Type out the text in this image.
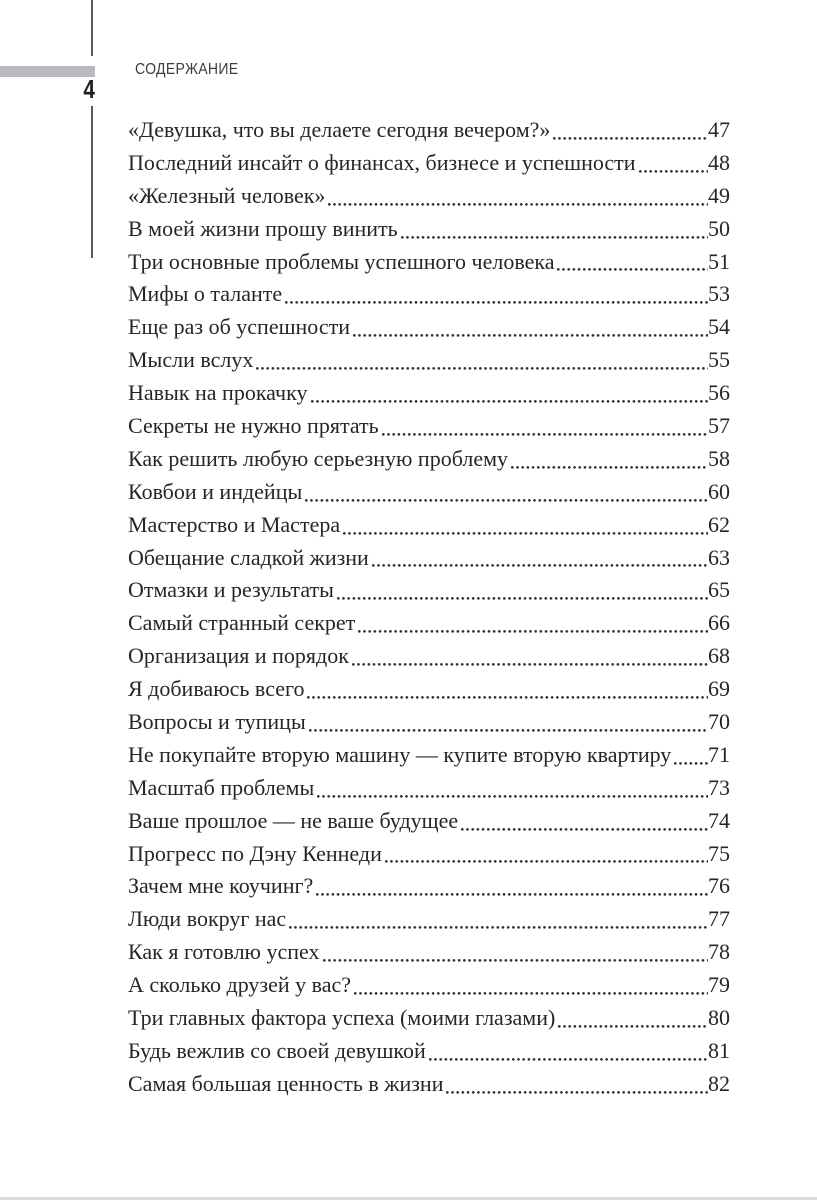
4
СОДЕРЖАНИЕ
«Девушка, что вы делаете сегодня вечером?»	47
Последний инсайт о финансах, бизнесе и успешности	48
«Железный человек»	49
В моей жизни прошу винить	50
Три основные проблемы успешного человека	51
Мифы о таланте	53
Еще раз об успешности	54
Мысли вслух	55
Навык на прокачку	56
Секреты не нужно прятать	57
Как решить любую серьезную проблему	58
Ковбои и индейцы	60
Мастерство и Мастера	62
Обещание сладкой жизни	63
Отмазки и результаты	65
Самый странный секрет	66
Организация и порядок	68
Я добиваюсь всего	69
Вопросы и тупицы	70
Не покупайте вторую машину — купите вторую квартиру 71
Масштаб проблемы	73
Ваше прошлое — не ваше будущее	74
Прогресс по Дэну Кеннеди	75
Зачем мне коучинг?	76
Люди вокруг нас	77
Как я готовлю успех	78
А сколько друзей у вас?	79
Три главных фактора успеха (моими глазами)	80
Будь вежлив со своей девушкой	81
Самая большая ценность в жизни	82
